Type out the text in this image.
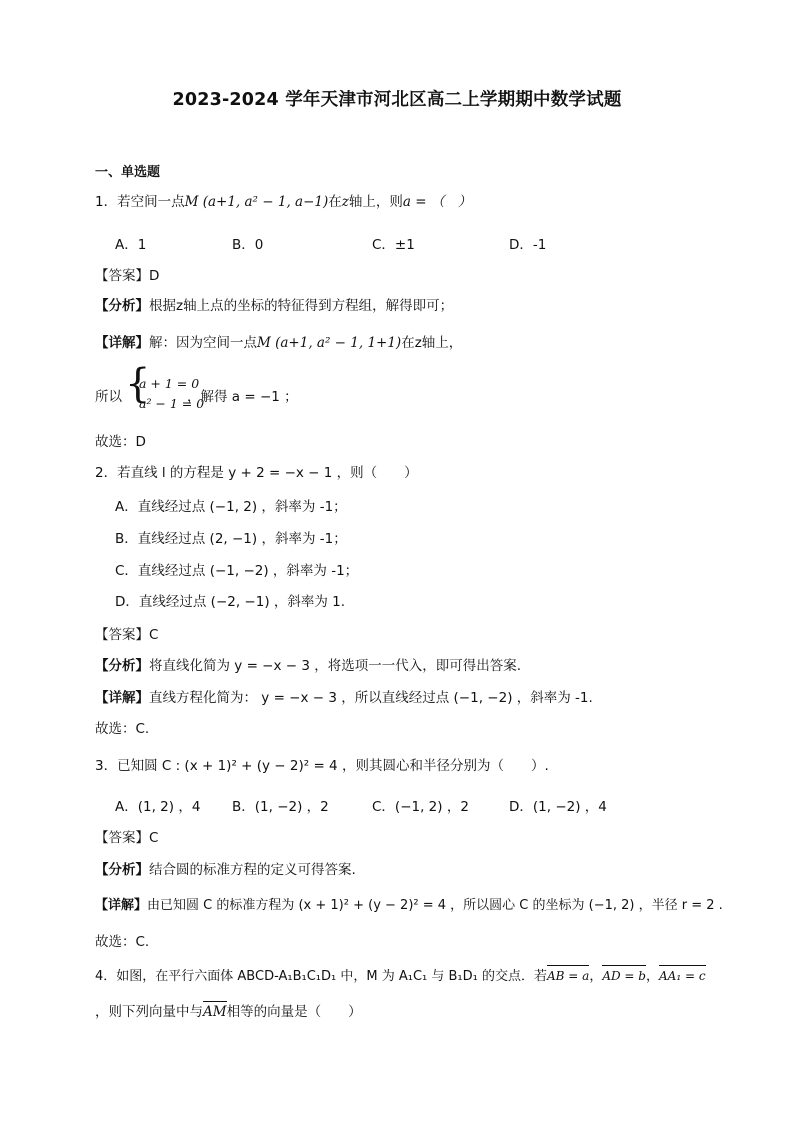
2023-2024 学年天津市河北区高二上学期期中数学试题
一、单选题
1．若空间一点M (a+1, a² − 1, a−1)在z轴上，则a = （　）
A．1	B．0	C．±1	D．-1
【答案】D
【分析】根据z轴上点的坐标的特征得到方程组，解得即可；
【详解】解：因为空间一点M (a+1, a² − 1, 1+1)在z轴上，
所以 {
a + 1 = 0
a² − 1 = 0
，解得 a = −1 ；
故选：D
2．若直线 l 的方程是 y + 2 = −x − 1 ，则（　　）
A．直线经过点 (−1, 2) ，斜率为 -1；
B．直线经过点 (2, −1) ，斜率为 -1；
C．直线经过点 (−1, −2) ，斜率为 -1；
D．直线经过点 (−2, −1) ，斜率为 1.
【答案】C
【分析】将直线化简为 y = −x − 3 ，将选项一一代入，即可得出答案.
【详解】直线方程化简为： y = −x − 3 ，所以直线经过点 (−1, −2) ，斜率为 -1.
故选：C.
3．已知圆 C : (x + 1)² + (y − 2)² = 4 ，则其圆心和半径分别为（　　）.
A．(1, 2) ，4 B．(1, −2) ，2	C．(−1, 2) ，2	D．(1, −2) ，4
【答案】C
【分析】结合圆的标准方程的定义可得答案.
【详解】由已知圆 C 的标准方程为 (x + 1)² + (y − 2)² = 4 ，所以圆心 C 的坐标为 (−1, 2) ，半径 r = 2 .
故选：C.
4．如图，在平行六面体 ABCD-A₁B₁C₁D₁ 中，M 为 A₁C₁ 与 B₁D₁ 的交点．若AB = a，AD = b，AA₁ = c
，则下列向量中与AM相等的向量是（　　）
